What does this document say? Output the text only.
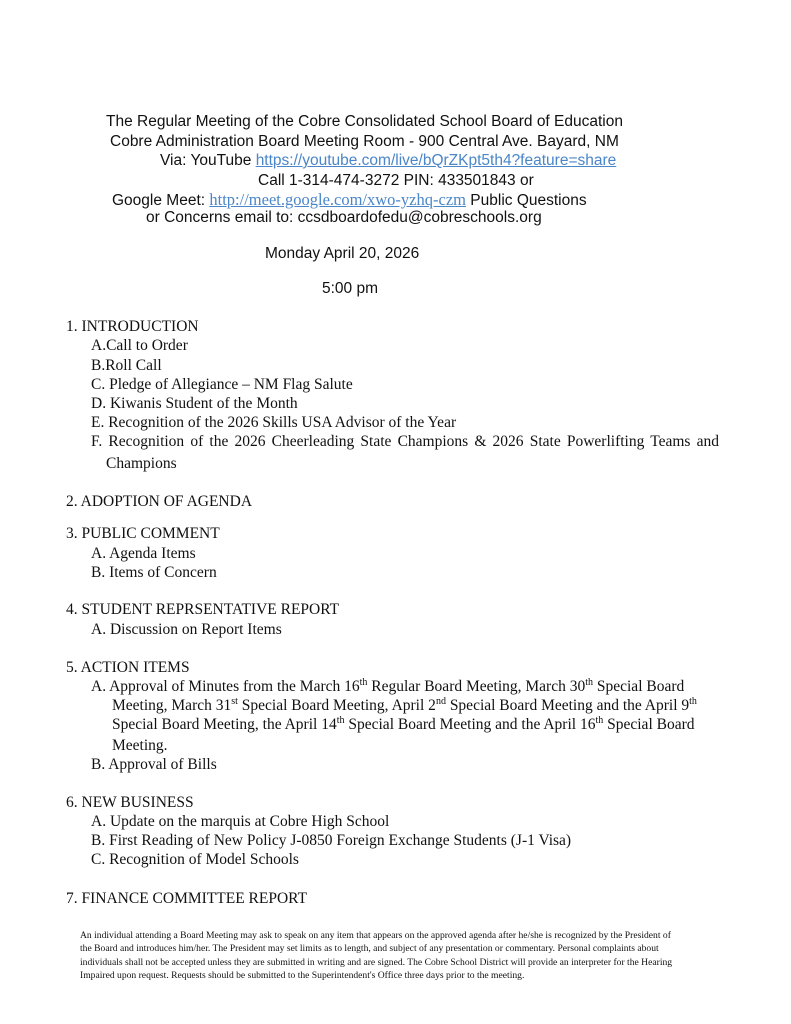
The Regular Meeting of the Cobre Consolidated School Board of Education
Cobre Administration Board Meeting Room - 900 Central Ave. Bayard, NM
Via: YouTube https://youtube.com/live/bQrZKpt5th4?feature=share
Call 1-314-474-3272 PIN: 433501843 or
Google Meet: http://meet.google.com/xwo-yzhq-czm Public Questions
or Concerns email to: ccsdboardofedu@cobreschools.org
Monday April 20, 2026
5:00 pm
1. INTRODUCTION
A.Call to Order
B.Roll Call
C. Pledge of Allegiance – NM Flag Salute
D. Kiwanis Student of the Month
E. Recognition of the 2026 Skills USA Advisor of the Year
F. Recognition of the 2026 Cheerleading State Champions & 2026 State Powerlifting Teams and
Champions
2. ADOPTION OF AGENDA
3. PUBLIC COMMENT
A. Agenda Items
B. Items of Concern
4. STUDENT REPRSENTATIVE REPORT
A. Discussion on Report Items
5. ACTION ITEMS
A. Approval of Minutes from the March 16th Regular Board Meeting, March 30th Special Board
Meeting, March 31st Special Board Meeting, April 2nd Special Board Meeting and the April 9th
Special Board Meeting, the April 14th Special Board Meeting and the April 16th Special Board
Meeting.
B. Approval of Bills
6. NEW BUSINESS
A. Update on the marquis at Cobre High School
B. First Reading of New Policy J-0850 Foreign Exchange Students (J-1 Visa)
C. Recognition of Model Schools
7. FINANCE COMMITTEE REPORT
An individual attending a Board Meeting may ask to speak on any item that appears on the approved agenda after he/she is recognized by the President of
the Board and introduces him/her. The President may set limits as to length, and subject of any presentation or commentary. Personal complaints about
individuals shall not be accepted unless they are submitted in writing and are signed. The Cobre School District will provide an interpreter for the Hearing
Impaired upon request. Requests should be submitted to the Superintendent's Office three days prior to the meeting.
